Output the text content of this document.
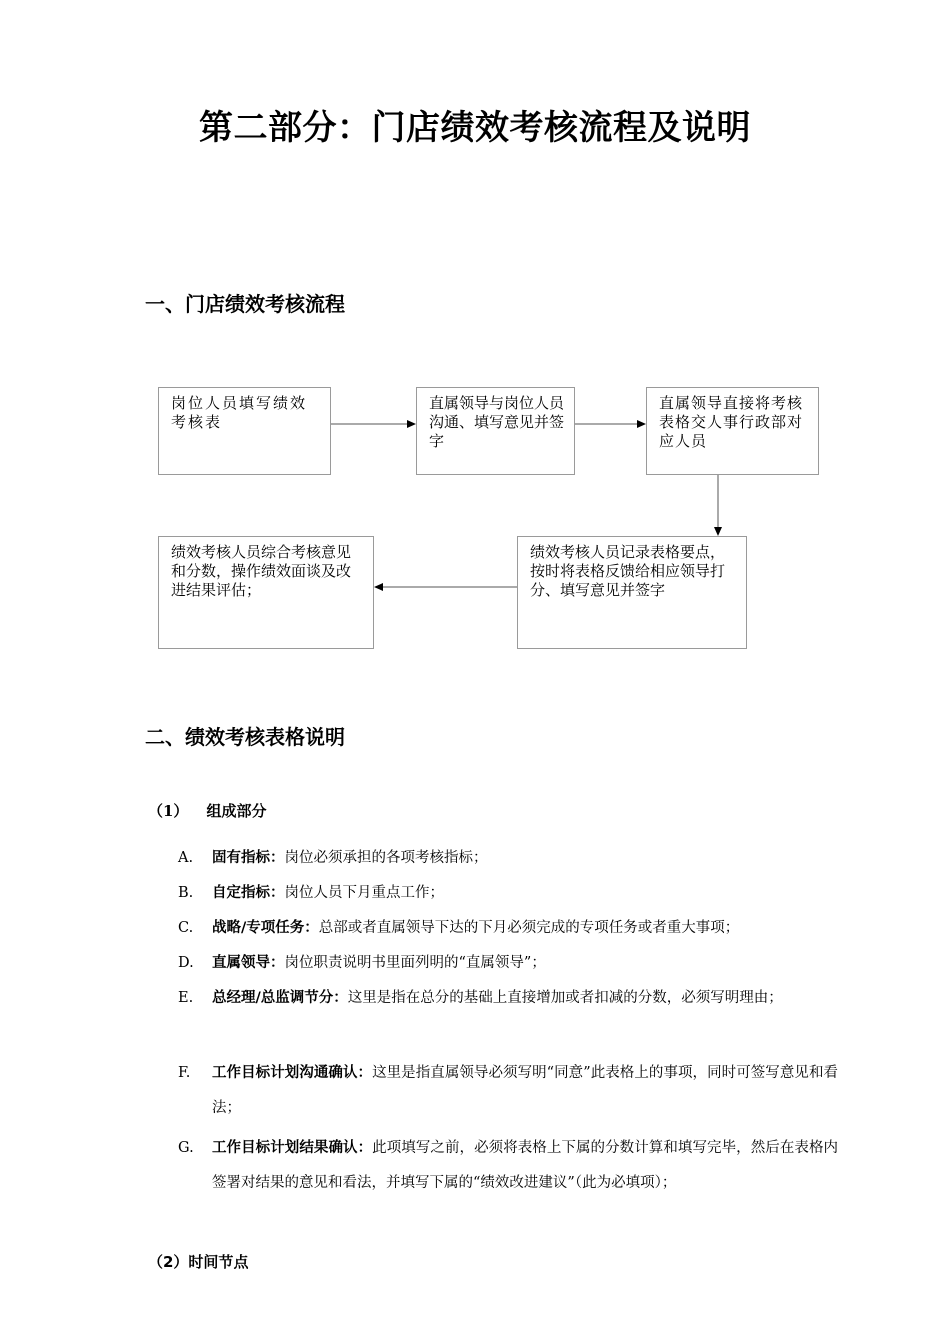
第二部分：门店绩效考核流程及说明
一、门店绩效考核流程
岗位人员填写绩效考核表
直属领导与岗位人员沟通、填写意见并签字
直属领导直接将考核表格交人事行政部对应人员
绩效考核人员记录表格要点，按时将表格反馈给相应领导打分、填写意见并签字
绩效考核人员综合考核意见和分数，操作绩效面谈及改进结果评估；
二、绩效考核表格说明
（1） 组成部分
A.	固有指标：岗位必须承担的各项考核指标；
B.	自定指标：岗位人员下月重点工作；
C.	战略/专项任务：总部或者直属领导下达的下月必须完成的专项任务或者重大事项；
D.	直属领导：岗位职责说明书里面列明的“直属领导”；
E.	总经理/总监调节分：这里是指在总分的基础上直接增加或者扣减的分数，必须写明理由；
F.	工作目标计划沟通确认：这里是指直属领导必须写明“同意”此表格上的事项，同时可签写意见和看法；
G.	工作目标计划结果确认：此项填写之前，必须将表格上下属的分数计算和填写完毕，然后在表格内签署对结果的意见和看法，并填写下属的“绩效改进建议”（此为必填项）；
（2）时间节点
